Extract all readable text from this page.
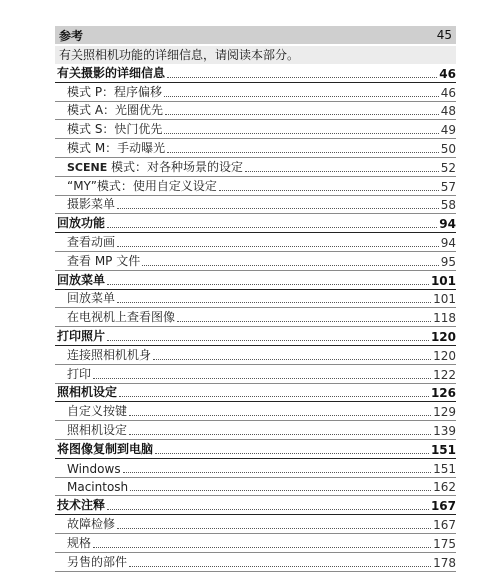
参考	45
有关照相机功能的详细信息，请阅读本部分。
有关摄影的详细信息	46
模式 P：程序偏移	46
模式 A：光圈优先	48
模式 S：快门优先	49
模式 M：手动曝光	50
SCENE 模式：对各种场景的设定	52
“MY”模式：使用自定义设定	57
摄影菜单	58
回放功能	94
查看动画	94
查看 MP 文件	95
回放菜单	101
回放菜单	101
在电视机上查看图像	118
打印照片	120
连接照相机机身	120
打印	122
照相机设定	126
自定义按键	129
照相机设定	139
将图像复制到电脑	151
Windows	151
Macintosh	162
技术注释	167
故障检修	167
规格	175
另售的部件	178
